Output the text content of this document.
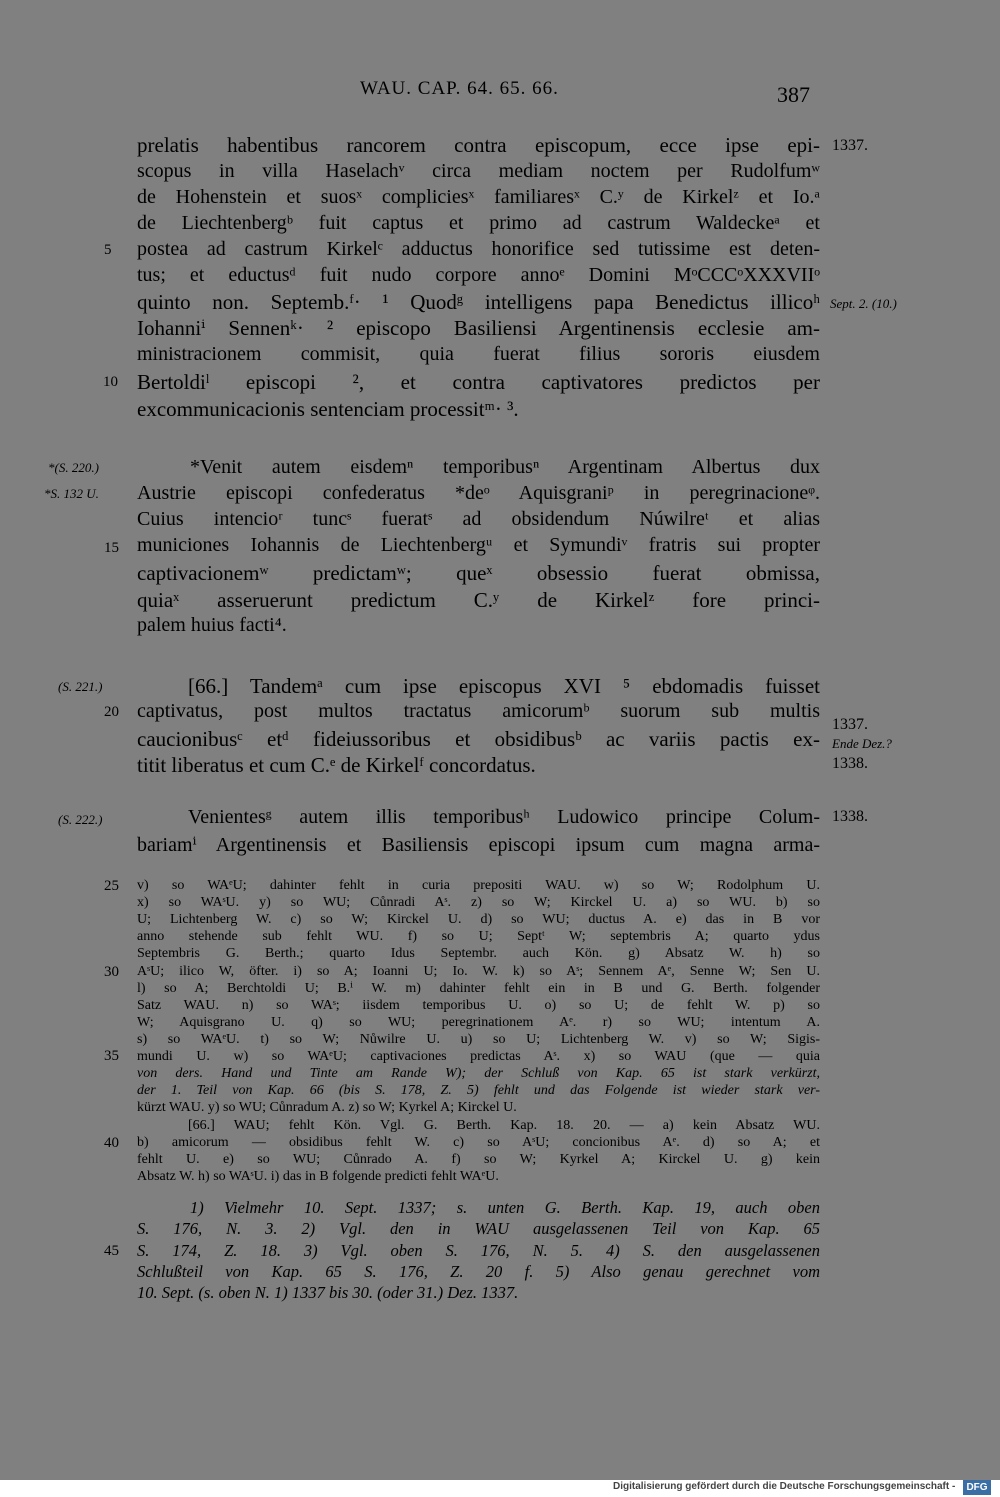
WAU. CAP. 64. 65. 66.	387
prelatis habentibus rancorem contra episcopum, ecce ipse epi-
scopus in villa Haselachᵛ circa mediam noctem per Rudolfumʷ
de Hohenstein et suosˣ compliciesˣ familiaresˣ C.ʸ de Kirkelᶻ et Io.ᵃ
de Liechtenbergᵇ fuit captus et primo ad castrum Waldeckeᵃ et
postea ad castrum Kirkelᶜ adductus honorifice sed tutissime est deten-
tus; et eductusᵈ fuit nudo corpore annoᵉ Domini MᵒCCCᵒXXXVIIᵒ
quinto non. Septemb.ᶠ· ¹ Quodᵍ intelligens papa Benedictus illicoʰ
Iohanniⁱ Sennenᵏ· ² episcopo Basiliensi Argentinensis ecclesie am-
ministracionem commisit, quia fuerat filius sororis eiusdem
Bertoldiˡ episcopi ², et contra captivatores predictos per
excommunicacionis sentenciam processitᵐ· ³.
*Venit autem eisdemⁿ temporibusⁿ Argentinam Albertus dux
Austrie episcopi confederatus *deᵒ Aquisgraniᵖ in peregrinacioneᵠ.
Cuius intencioʳ tuncˢ fueratˢ ad obsidendum Núwilreᵗ et alias
municiones Iohannis de Liechtenbergᵘ et Symundiᵛ fratris sui propter
captivacionemʷ predictamʷ; queˣ obsessio fuerat obmissa,
quiaˣ asseruerunt predictum C.ʸ de Kirkelᶻ fore princi-
palem huius facti⁴.
[66.] Tandemᵃ cum ipse episcopus XVI ⁵ ebdomadis fuisset
captivatus, post multos tractatus amicorumᵇ suorum sub multis
caucionibusᶜ etᵈ fideiussoribus et obsidibusᵇ ac variis pactis ex-
titit liberatus et cum C.ᵉ de Kirkelᶠ concordatus.
Venientesᵍ autem illis temporibusʰ Ludowico principe Colum-
bariamⁱ Argentinensis et Basiliensis episcopi ipsum cum magna arma-
5
10
15
20
25
30
35
40
45
*(S. 220.)
*S. 132 U.
(S. 221.)
(S. 222.)
1337.
Sept. 2. (10.)
1337.
Ende Dez.?
1338.
1338.
v) so WAᵉU; dahinter fehlt in curia prepositi WAU. w) so W; Rodolphum U.
x) so WAˢU. y) so WU; Cůnradi Aˢ. z) so W; Kirckel U. a) so WU. b) so
U; Lichtenberg W. c) so W; Kirckel U. d) so WU; ductus A. e) das in B vor
anno stehende sub fehlt WU. f) so U; Septᵗ W; septembris A; quarto ydus
Septembris G. Berth.; quarto Idus Septembr. auch Kön. g) Absatz W. h) so
AˢU; ilico W, öfter. i) so A; Ioanni U; Io. W. k) so Aˢ; Sennem Aᵉ, Senne W; Sen U.
l) so A; Berchtoldi U; B.ⁱ W. m) dahinter fehlt ein in B und G. Berth. folgender
Satz WAU. n) so WAˢ; iisdem temporibus U. o) so U; de fehlt W. p) so
W; Aquisgrano U. q) so WU; peregrinationem Aᵉ. r) so WU; intentum A.
s) so WAᵉU. t) so W; Nůwilre U. u) so U; Lichtenberg W. v) so W; Sigis-
mundi U. w) so WAᵉU; captivaciones predictas Aˢ. x) so WAU (que — quia
von ders. Hand und Tinte am Rande W); der Schluß von Kap. 65 ist stark verkürzt,
der 1. Teil von Kap. 66 (bis S. 178, Z. 5) fehlt und das Folgende ist wieder stark ver-
kürzt WAU. y) so WU; Cůnradum A. z) so W; Kyrkel A; Kirckel U.
[66.] WAU; fehlt Kön. Vgl. G. Berth. Kap. 18. 20. — a) kein Absatz WU.
b) amicorum — obsidibus fehlt W. c) so AˢU; concionibus Aᵉ. d) so A; et
fehlt U. e) so WU; Cůnrado A. f) so W; Kyrkel A; Kirckel U. g) kein
Absatz W. h) so WAˢU. i) das in B folgende predicti fehlt WAᵉU.
1) Vielmehr 10. Sept. 1337; s. unten G. Berth. Kap. 19, auch oben
S. 176, N. 3. 2) Vgl. den in WAU ausgelassenen Teil von Kap. 65
S. 174, Z. 18. 3) Vgl. oben S. 176, N. 5. 4) S. den ausgelassenen
Schlußteil von Kap. 65 S. 176, Z. 20 f. 5) Also genau gerechnet vom
10. Sept. (s. oben N. 1) 1337 bis 30. (oder 31.) Dez. 1337.
Digitalisierung gefördert durch die Deutsche Forschungsgemeinschaft -	DFG
